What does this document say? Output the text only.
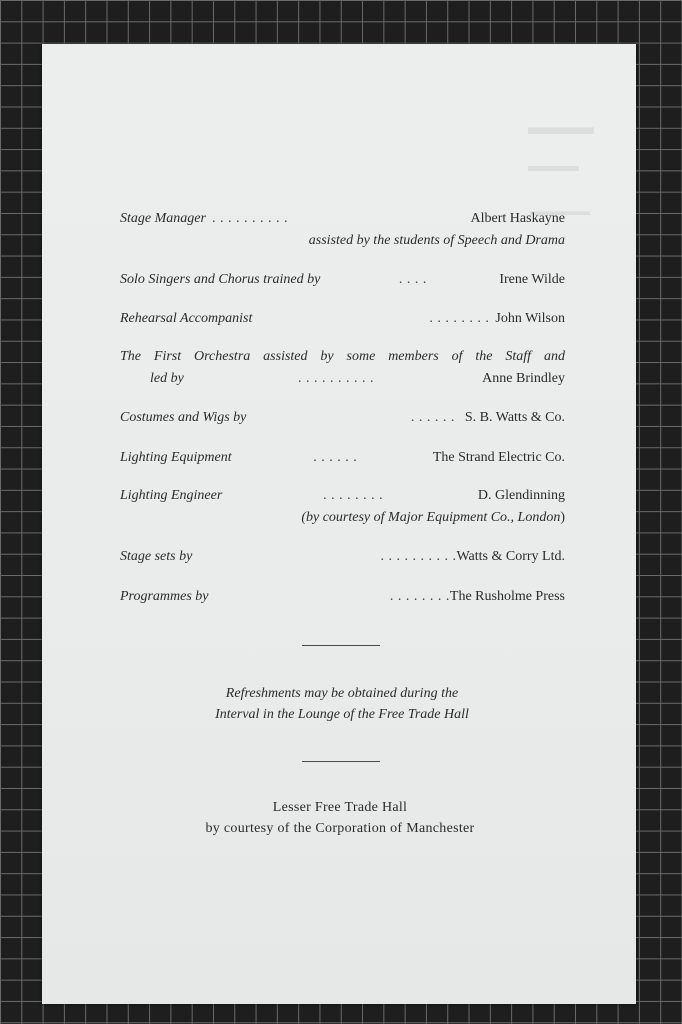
▬▬▬
▬▬▬
▬▬▬▬▬
Stage Manager . . . . . . . . . .	Albert Haskayne
assisted by the students of Speech and Drama
Solo Singers and Chorus trained by	. . . .	Irene Wilde
Rehearsal Accompanist	. . . . . . . . John Wilson
The First Orchestra assisted by some members of the Staff and
led by	. . . . . . . . . .	Anne Brindley
Costumes and Wigs by	. . . . . . S. B. Watts & Co.
Lighting Equipment	. . . . . .	The Strand Electric Co.
Lighting Engineer	. . . . . . . .	D. Glendinning
(by courtesy of Major Equipment Co., London)
Stage sets by	. . . . . . . . . . Watts & Corry Ltd.
Programmes by	. . . . . . . . The Rusholme Press
Refreshments may be obtained during the
Interval in the Lounge of the Free Trade Hall
Lesser Free Trade Hall
by courtesy of the Corporation of Manchester
